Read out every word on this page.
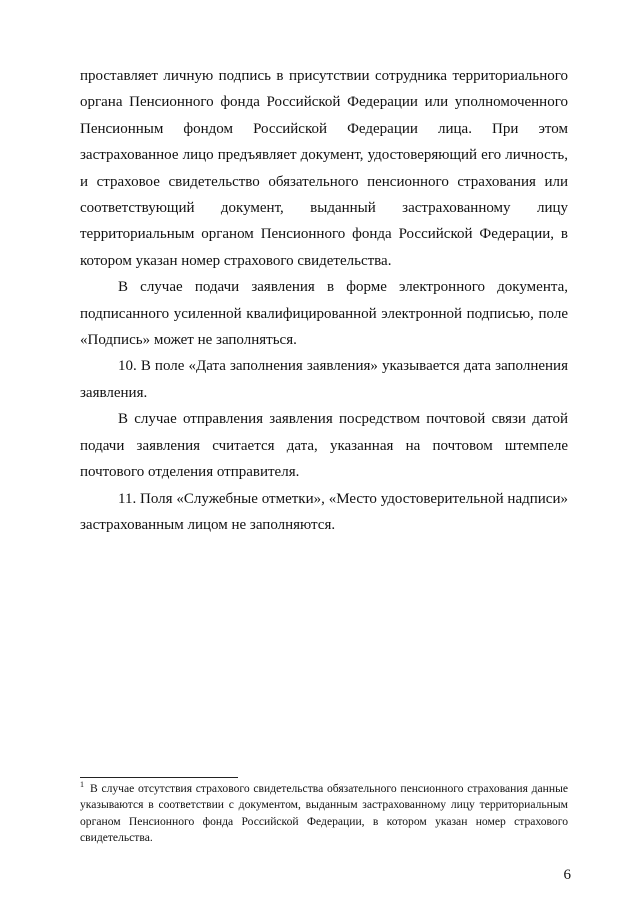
проставляет личную подпись в присутствии сотрудника территориального органа Пенсионного фонда Российской Федерации или уполномоченного Пенсионным фондом Российской Федерации лица. При этом застрахованное лицо предъявляет документ, удостоверяющий его личность, и страховое свидетельство обязательного пенсионного страхования или соответствующий документ, выданный застрахованному лицу территориальным органом Пенсионного фонда Российской Федерации, в котором указан номер страхового свидетельства.

В случае подачи заявления в форме электронного документа, подписанного усиленной квалифицированной электронной подписью, поле «Подпись» может не заполняться.

10. В поле «Дата заполнения заявления» указывается дата заполнения заявления.

В случае отправления заявления посредством почтовой связи датой подачи заявления считается дата, указанная на почтовом штемпеле почтового отделения отправителя.

11. Поля «Служебные отметки», «Место удостоверительной надписи» застрахованным лицом не заполняются.

$^1$ В случае отсутствия страхового свидетельства обязательного пенсионного страхования данные указываются в соответствии с документом, выданным застрахованному лицу территориальным органом Пенсионного фонда Российской Федерации, в котором указан номер страхового свидетельства.

6
